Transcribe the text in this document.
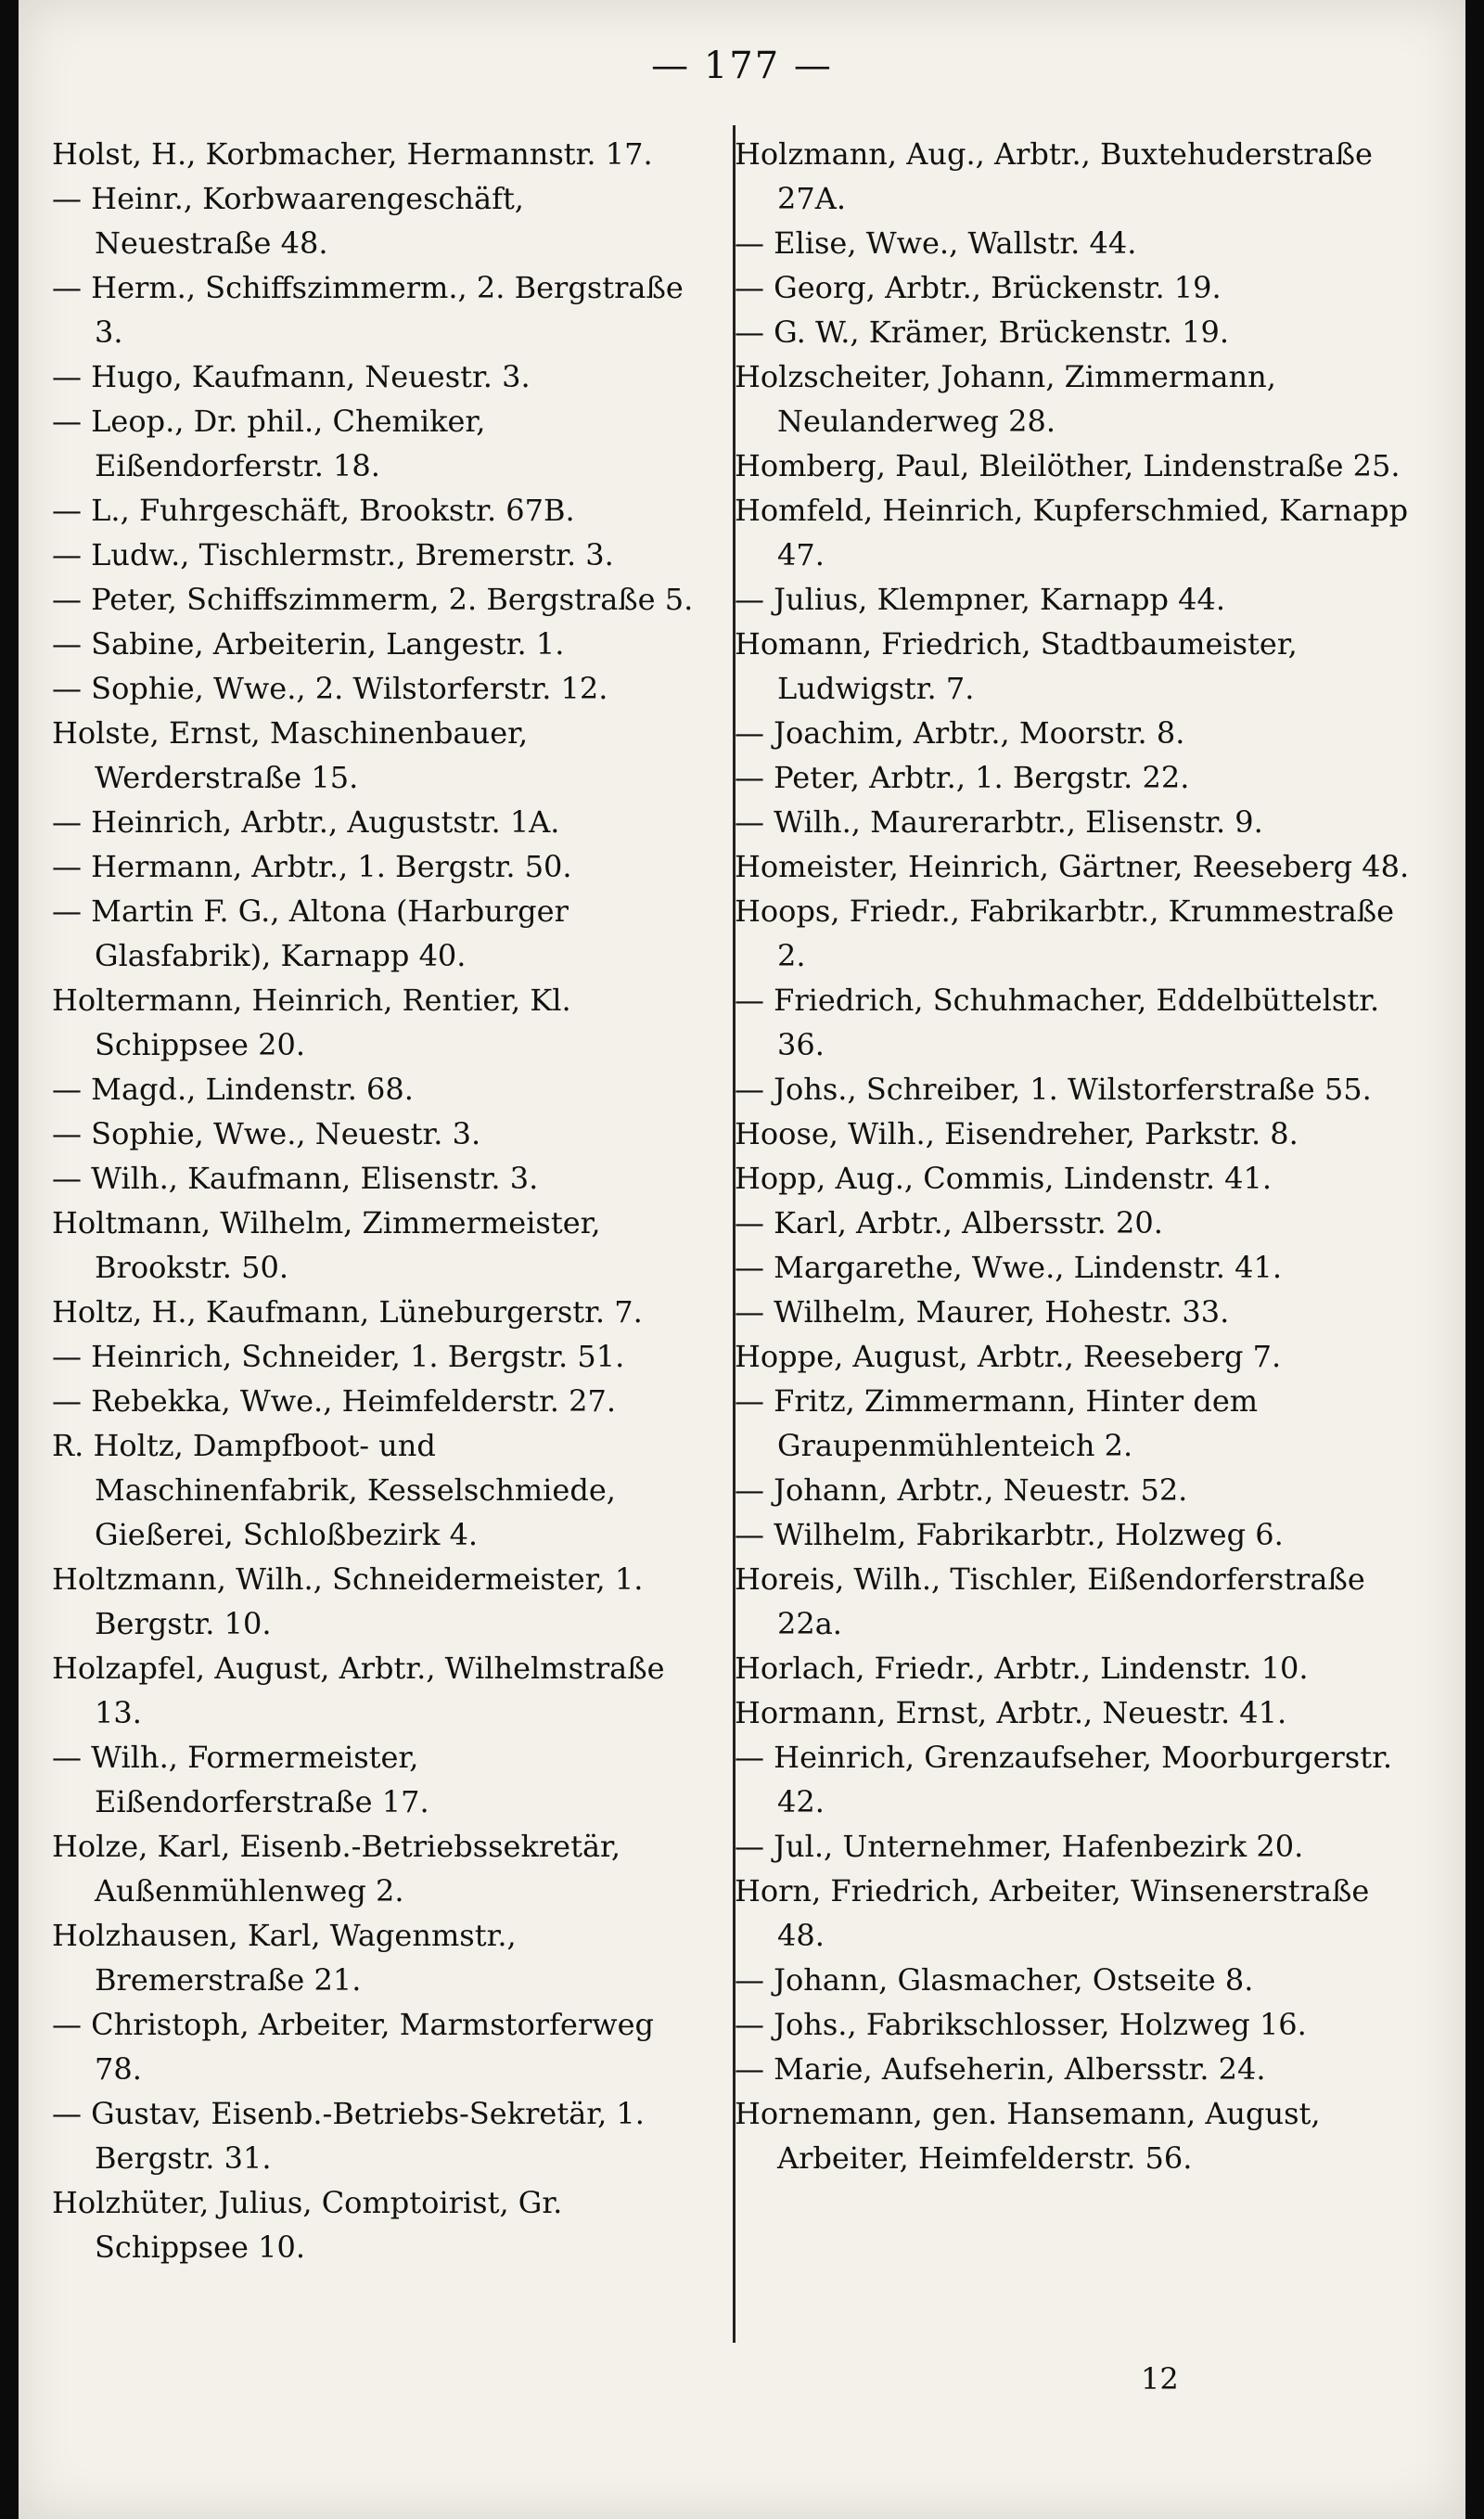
— 177 —
Holst, H., Korbmacher, Hermannstr. 17.
— Heinr., Korbwaarengeschäft, Neuestraße 48.
— Herm., Schiffszimmerm., 2. Bergstraße 3.
— Hugo, Kaufmann, Neuestr. 3.
— Leop., Dr. phil., Chemiker, Eißendorferstr. 18.
— L., Fuhrgeschäft, Brookstr. 67B.
— Ludw., Tischlermstr., Bremerstr. 3.
— Peter, Schiffszimmerm, 2. Bergstraße 5.
— Sabine, Arbeiterin, Langestr. 1.
— Sophie, Wwe., 2. Wilstorferstr. 12.
Holste, Ernst, Maschinenbauer, Werderstraße 15.
— Heinrich, Arbtr., Auguststr. 1A.
— Hermann, Arbtr., 1. Bergstr. 50.
— Martin F. G., Altona (Harburger Glasfabrik), Karnapp 40.
Holtermann, Heinrich, Rentier, Kl. Schippsee 20.
— Magd., Lindenstr. 68.
— Sophie, Wwe., Neuestr. 3.
— Wilh., Kaufmann, Elisenstr. 3.
Holtmann, Wilhelm, Zimmermeister, Brookstr. 50.
Holtz, H., Kaufmann, Lüneburgerstr. 7.
— Heinrich, Schneider, 1. Bergstr. 51.
— Rebekka, Wwe., Heimfelderstr. 27.
R. Holtz, Dampfboot- und Maschinenfabrik, Kesselschmiede, Gießerei, Schloßbezirk 4.
Holtzmann, Wilh., Schneidermeister, 1. Bergstr. 10.
Holzapfel, August, Arbtr., Wilhelmstraße 13.
— Wilh., Formermeister, Eißendorferstraße 17.
Holze, Karl, Eisenb.-Betriebssekretär, Außenmühlenweg 2.
Holzhausen, Karl, Wagenmstr., Bremerstraße 21.
— Christoph, Arbeiter, Marmstorferweg 78.
— Gustav, Eisenb.-Betriebs-Sekretär, 1. Bergstr. 31.
Holzhüter, Julius, Comptoirist, Gr. Schippsee 10.
Holzmann, Aug., Arbtr., Buxtehuderstraße 27A.
— Elise, Wwe., Wallstr. 44.
— Georg, Arbtr., Brückenstr. 19.
— G. W., Krämer, Brückenstr. 19.
Holzscheiter, Johann, Zimmermann, Neulanderweg 28.
Homberg, Paul, Bleilöther, Lindenstraße 25.
Homfeld, Heinrich, Kupferschmied, Karnapp 47.
— Julius, Klempner, Karnapp 44.
Homann, Friedrich, Stadtbaumeister, Ludwigstr. 7.
— Joachim, Arbtr., Moorstr. 8.
— Peter, Arbtr., 1. Bergstr. 22.
— Wilh., Maurerarbtr., Elisenstr. 9.
Homeister, Heinrich, Gärtner, Reeseberg 48.
Hoops, Friedr., Fabrikarbtr., Krummestraße 2.
— Friedrich, Schuhmacher, Eddelbüttelstr. 36.
— Johs., Schreiber, 1. Wilstorferstraße 55.
Hoose, Wilh., Eisendreher, Parkstr. 8.
Hopp, Aug., Commis, Lindenstr. 41.
— Karl, Arbtr., Albersstr. 20.
— Margarethe, Wwe., Lindenstr. 41.
— Wilhelm, Maurer, Hohestr. 33.
Hoppe, August, Arbtr., Reeseberg 7.
— Fritz, Zimmermann, Hinter dem Graupenmühlenteich 2.
— Johann, Arbtr., Neuestr. 52.
— Wilhelm, Fabrikarbtr., Holzweg 6.
Horeis, Wilh., Tischler, Eißendorferstraße 22a.
Horlach, Friedr., Arbtr., Lindenstr. 10.
Hormann, Ernst, Arbtr., Neuestr. 41.
— Heinrich, Grenzaufseher, Moorburgerstr. 42.
— Jul., Unternehmer, Hafenbezirk 20.
Horn, Friedrich, Arbeiter, Winsenerstraße 48.
— Johann, Glasmacher, Ostseite 8.
— Johs., Fabrikschlosser, Holzweg 16.
— Marie, Aufseherin, Albersstr. 24.
Hornemann, gen. Hansemann, August, Arbeiter, Heimfelderstr. 56.
12
